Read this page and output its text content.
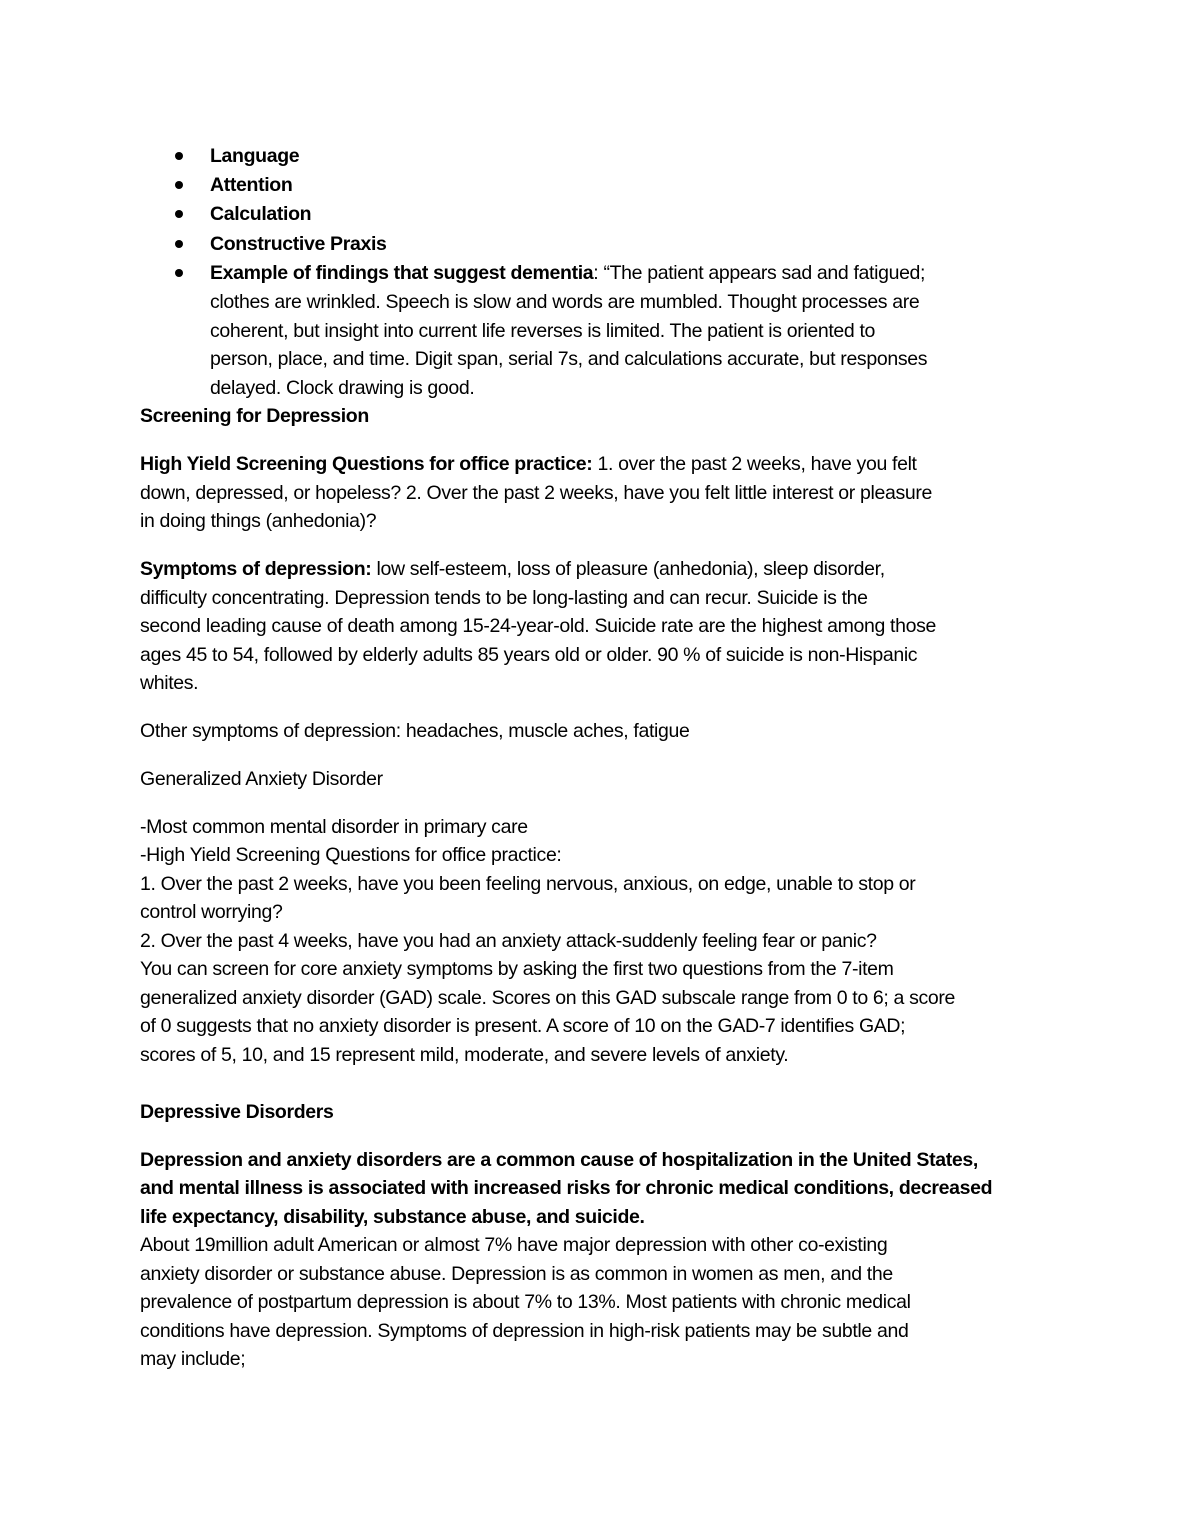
Language
Attention
Calculation
Constructive Praxis
Example of findings that suggest dementia: “The patient appears sad and fatigued;
clothes are wrinkled. Speech is slow and words are mumbled. Thought processes are
coherent, but insight into current life reverses is limited. The patient is oriented to
person, place, and time. Digit span, serial 7s, and calculations accurate, but responses
delayed. Clock drawing is good.
Screening for Depression
High Yield Screening Questions for office practice: 1. over the past 2 weeks, have you felt
down, depressed, or hopeless? 2. Over the past 2 weeks, have you felt little interest or pleasure
in doing things (anhedonia)?
Symptoms of depression: low self-esteem, loss of pleasure (anhedonia), sleep disorder,
difficulty concentrating. Depression tends to be long-lasting and can recur. Suicide is the
second leading cause of death among 15-24-year-old. Suicide rate are the highest among those
ages 45 to 54, followed by elderly adults 85 years old or older. 90 % of suicide is non-Hispanic
whites.
Other symptoms of depression: headaches, muscle aches, fatigue
Generalized Anxiety Disorder
-Most common mental disorder in primary care
-High Yield Screening Questions for office practice:
1. Over the past 2 weeks, have you been feeling nervous, anxious, on edge, unable to stop or
control worrying?
2. Over the past 4 weeks, have you had an anxiety attack-suddenly feeling fear or panic?
You can screen for core anxiety symptoms by asking the first two questions from the 7-item
generalized anxiety disorder (GAD) scale. Scores on this GAD subscale range from 0 to 6; a score
of 0 suggests that no anxiety disorder is present. A score of 10 on the GAD-7 identifies GAD;
scores of 5, 10, and 15 represent mild, moderate, and severe levels of anxiety.
Depressive Disorders
Depression and anxiety disorders are a common cause of hospitalization in the United States,
and mental illness is associated with increased risks for chronic medical conditions, decreased
life expectancy, disability, substance abuse, and suicide.
About 19million adult American or almost 7% have major depression with other co-existing
anxiety disorder or substance abuse. Depression is as common in women as men, and the
prevalence of postpartum depression is about 7% to 13%. Most patients with chronic medical
conditions have depression. Symptoms of depression in high-risk patients may be subtle and
may include;
